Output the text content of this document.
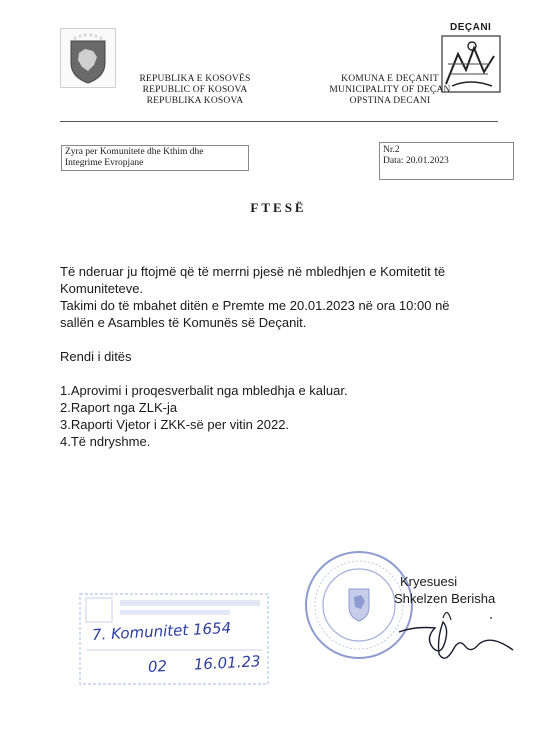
REPUBLIKA E KOSOVËS
REPUBLIC OF KOSOVA
REPUBLIKA KOSOVA
KOMUNA E DEÇANIT
MUNICIPALITY OF DEÇAN
OPSTINA DECANI
DEÇANI
Zyra per Komunitete dhe Kthim dhe
Integrime Evropjane
Nr.2
Data: 20.01.2023
FTESË

Të nderuar ju ftojmë që të merrni pjesë në mbledhjen e Komitetit të

Komuniteteve.

Takimi do të mbahet ditën e Premte me 20.01.2023 në ora 10:00 në

sallën e Asambles të Komunës së Deçanit.

Rendi i ditës

1.Aprovimi i proqesverbalit nga mbledhja e kaluar.

2.Raport nga ZLK-ja

3.Raporti Vjetor i ZKK-së per vitin 2022.

4.Të ndryshme.

Kryesuesi
Shkelzen Berisha
7. Komunitet 1654
02 16.01.23
